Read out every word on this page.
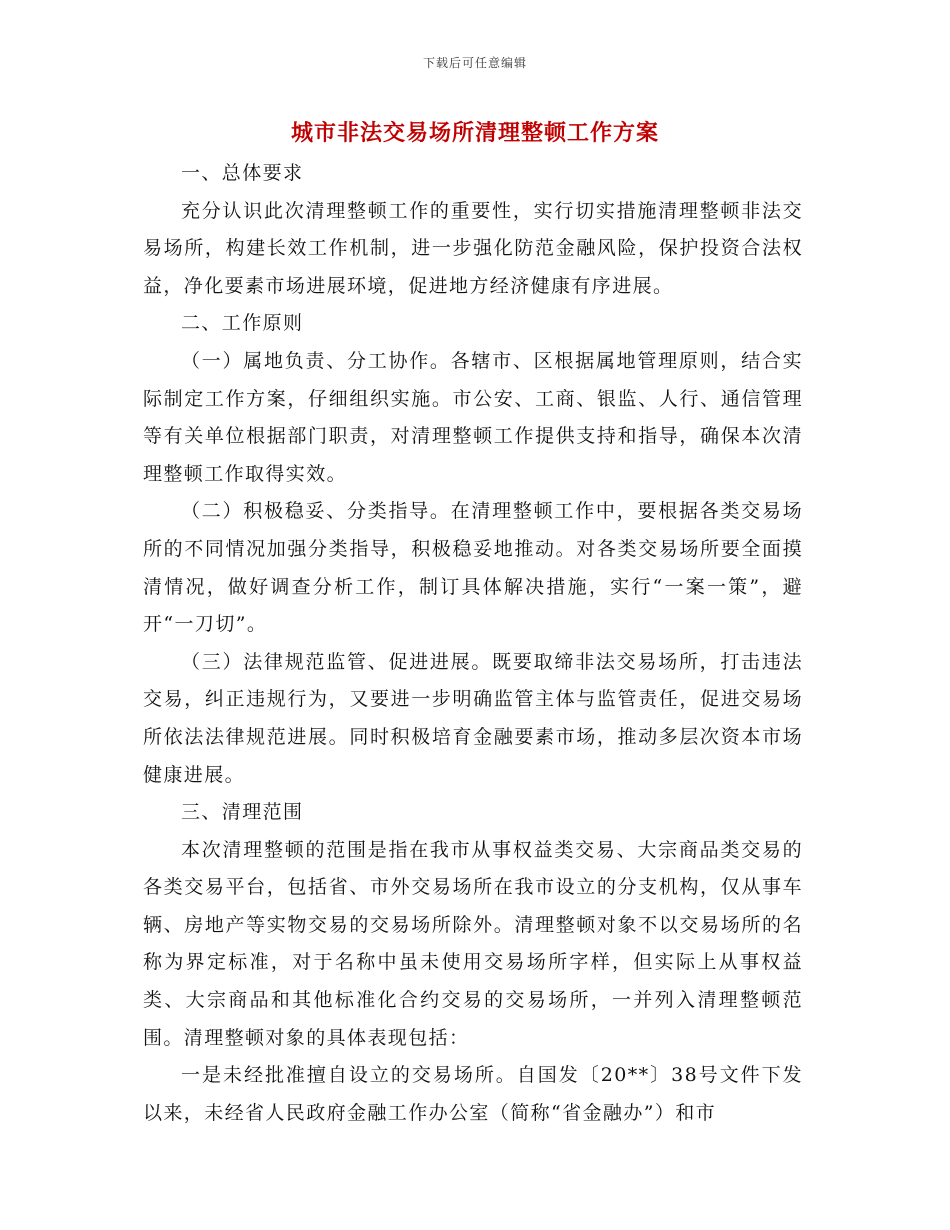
下载后可任意编辑
城市非法交易场所清理整顿工作方案

一、总体要求

充分认识此次清理整顿工作的重要性，实行切实措施清理整顿非法交易场所，构建长效工作机制，进一步强化防范金融风险，保护投资合法权益，净化要素市场进展环境，促进地方经济健康有序进展。

二、工作原则

（一）属地负责、分工协作。各辖市、区根据属地管理原则，结合实际制定工作方案，仔细组织实施。市公安、工商、银监、人行、通信管理等有关单位根据部门职责，对清理整顿工作提供支持和指导，确保本次清理整顿工作取得实效。

（二）积极稳妥、分类指导。在清理整顿工作中，要根据各类交易场所的不同情况加强分类指导，积极稳妥地推动。对各类交易场所要全面摸清情况，做好调查分析工作，制订具体解决措施，实行“一案一策”，避开“一刀切”。

（三）法律规范监管、促进进展。既要取缔非法交易场所，打击违法交易，纠正违规行为，又要进一步明确监管主体与监管责任，促进交易场所依法法律规范进展。同时积极培育金融要素市场，推动多层次资本市场健康进展。

三、清理范围

本次清理整顿的范围是指在我市从事权益类交易、大宗商品类交易的各类交易平台，包括省、市外交易场所在我市设立的分支机构，仅从事车辆、房地产等实物交易的交易场所除外。清理整顿对象不以交易场所的名称为界定标准，对于名称中虽未使用交易场所字样，但实际上从事权益类、大宗商品和其他标准化合约交易的交易场所，一并列入清理整顿范围。清理整顿对象的具体表现包括：

一是未经批准擅自设立的交易场所。自国发〔20**〕38号文件下发以来，未经省人民政府金融工作办公室（简称“省金融办”）和市
